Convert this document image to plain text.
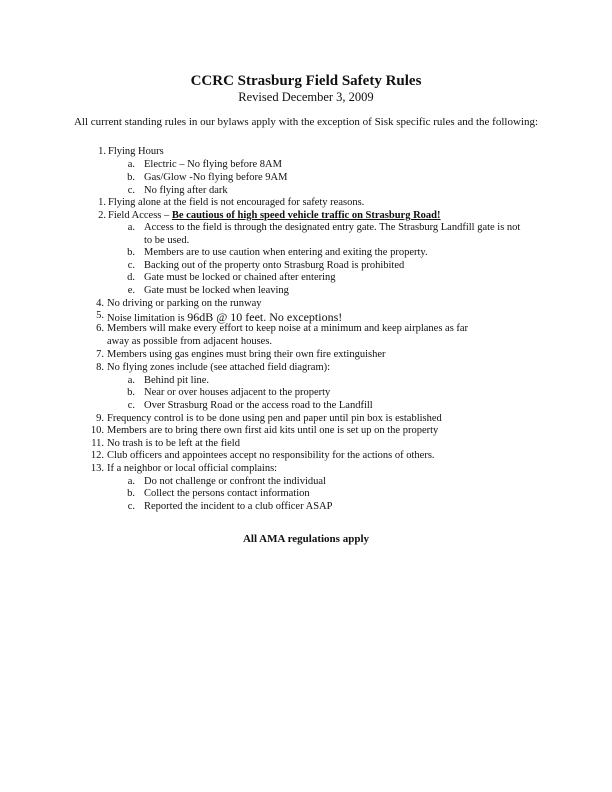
CCRC Strasburg Field Safety Rules
Revised December 3, 2009
All current standing rules in our bylaws apply with the exception of Sisk specific rules and the following:
1. Flying Hours
a. Electric – No flying before 8AM
b. Gas/Glow -No flying before 9AM
c. No flying after dark
1. Flying alone at the field is not encouraged for safety reasons.
2. Field Access – Be cautious of high speed vehicle traffic on Strasburg Road!
a. Access to the field is through the designated entry gate. The Strasburg Landfill gate is not
to be used.
b. Members are to use caution when entering and exiting the property.
c. Backing out of the property onto Strasburg Road is prohibited
d. Gate must be locked or chained after entering
e. Gate must be locked when leaving
4. No driving or parking on the runway
5. Noise limitation is 96dB @ 10 feet. No exceptions!
6. Members will make every effort to keep noise at a minimum and keep airplanes as far
away as possible from adjacent houses.
7. Members using gas engines must bring their own fire extinguisher
8. No flying zones include (see attached field diagram):
a. Behind pit line.
b. Near or over houses adjacent to the property
c. Over Strasburg Road or the access road to the Landfill
9. Frequency control is to be done using pen and paper until pin box is established
10. Members are to bring there own first aid kits until one is set up on the property
11. No trash is to be left at the field
12. Club officers and appointees accept no responsibility for the actions of others.
13. If a neighbor or local official complains:
a. Do not challenge or confront the individual
b. Collect the persons contact information
c. Reported the incident to a club officer ASAP
All AMA regulations apply
